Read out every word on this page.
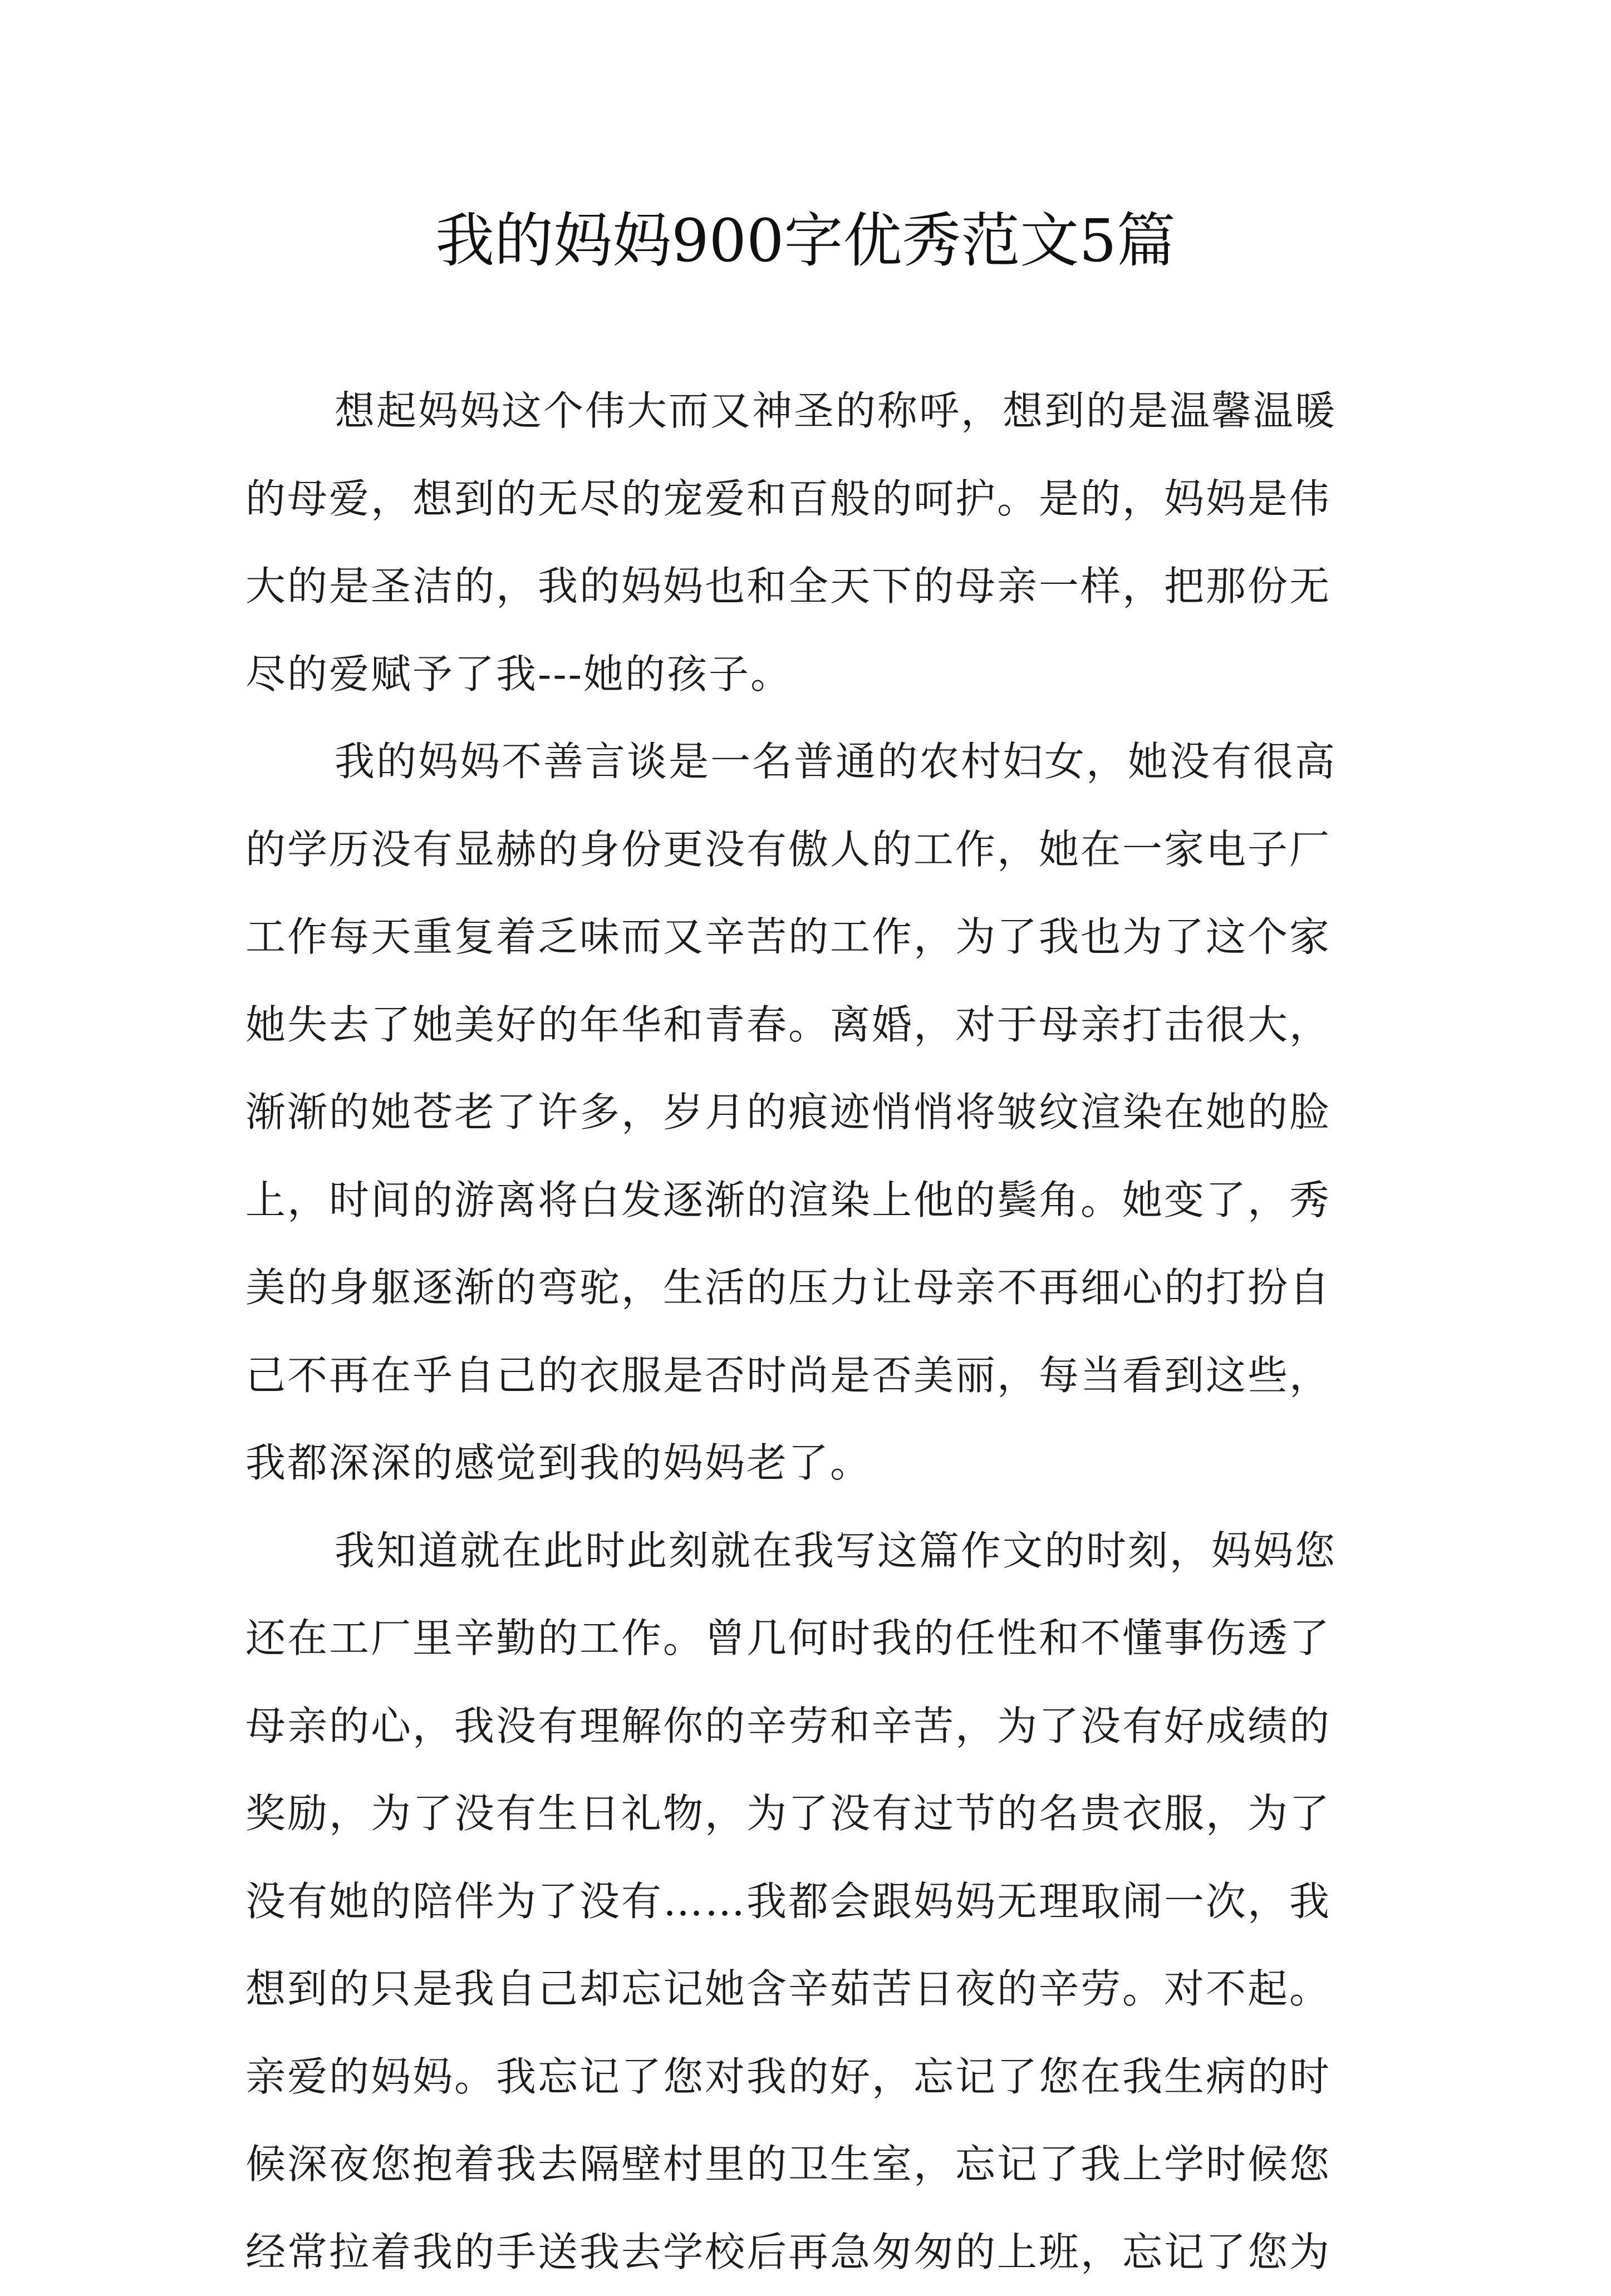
我的妈妈900字优秀范文5篇
想起妈妈这个伟大而又神圣的称呼，想到的是温馨温暖
的母爱，想到的无尽的宠爱和百般的呵护。是的，妈妈是伟
大的是圣洁的，我的妈妈也和全天下的母亲一样，把那份无
尽的爱赋予了我---她的孩子。
我的妈妈不善言谈是一名普通的农村妇女，她没有很高
的学历没有显赫的身份更没有傲人的工作，她在一家电子厂
工作每天重复着乏味而又辛苦的工作，为了我也为了这个家
她失去了她美好的年华和青春。离婚，对于母亲打击很大，
渐渐的她苍老了许多，岁月的痕迹悄悄将皱纹渲染在她的脸
上，时间的游离将白发逐渐的渲染上他的鬓角。她变了，秀
美的身躯逐渐的弯驼，生活的压力让母亲不再细心的打扮自
己不再在乎自己的衣服是否时尚是否美丽，每当看到这些，
我都深深的感觉到我的妈妈老了。
我知道就在此时此刻就在我写这篇作文的时刻，妈妈您
还在工厂里辛勤的工作。曾几何时我的任性和不懂事伤透了
母亲的心，我没有理解你的辛劳和辛苦，为了没有好成绩的
奖励，为了没有生日礼物，为了没有过节的名贵衣服，为了
没有她的陪伴为了没有……我都会跟妈妈无理取闹一次，我
想到的只是我自己却忘记她含辛茹苦日夜的辛劳。对不起。
亲爱的妈妈。我忘记了您对我的好，忘记了您在我生病的时
候深夜您抱着我去隔壁村里的卫生室，忘记了我上学时候您
经常拉着我的手送我去学校后再急匆匆的上班，忘记了您为
